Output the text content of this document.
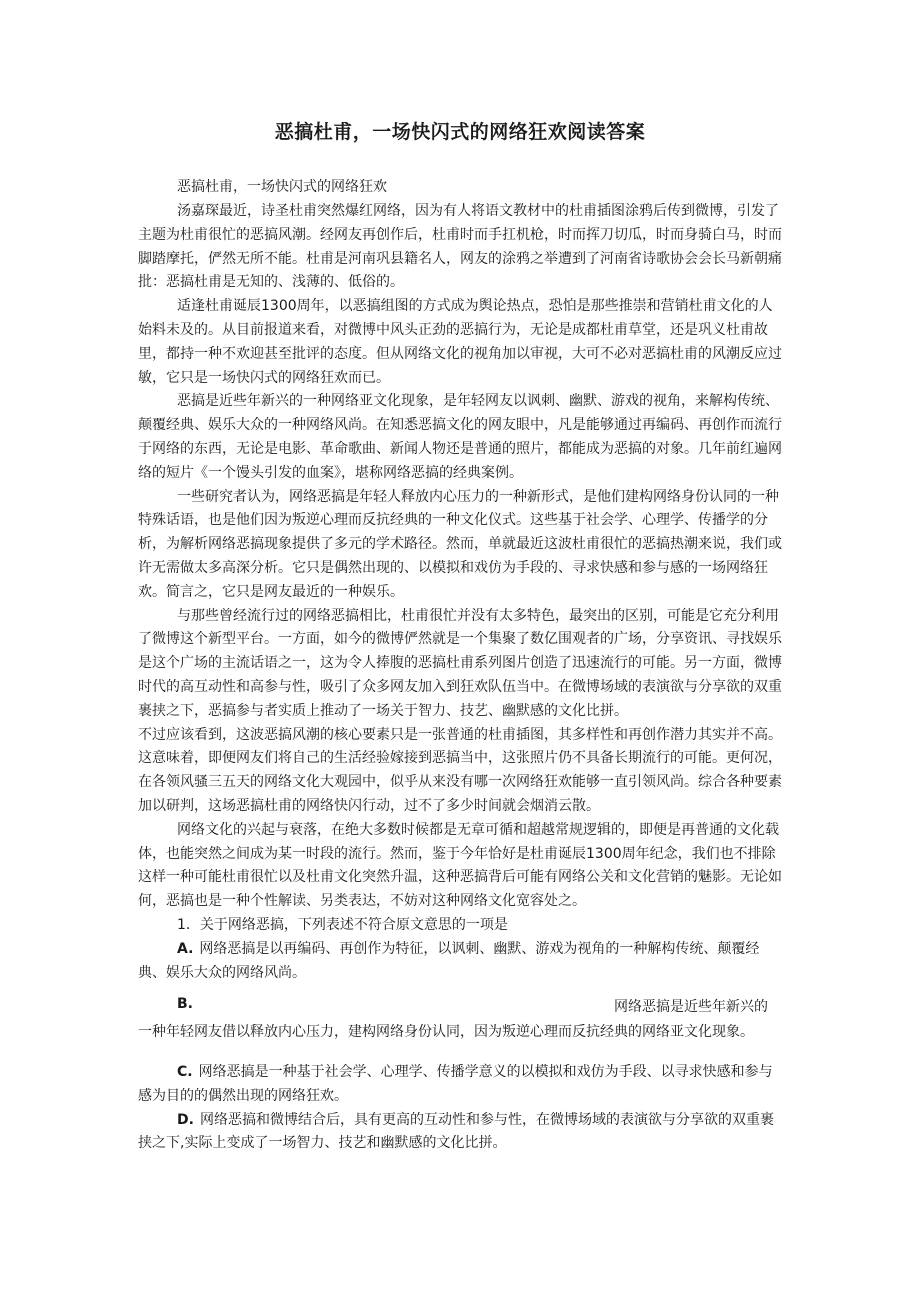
恶搞杜甫，一场快闪式的网络狂欢阅读答案

恶搞杜甫，一场快闪式的网络狂欢

汤嘉琛最近，诗圣杜甫突然爆红网络，因为有人将语文教材中的杜甫插图涂鸦后传到微博，引发了主题为杜甫很忙的恶搞风潮。经网友再创作后，杜甫时而手扛机枪，时而挥刀切瓜，时而身骑白马，时而脚踏摩托，俨然无所不能。杜甫是河南巩县籍名人，网友的涂鸦之举遭到了河南省诗歌协会会长马新朝痛批：恶搞杜甫是无知的、浅薄的、低俗的。

适逢杜甫诞辰1300周年，以恶搞组图的方式成为舆论热点，恐怕是那些推崇和营销杜甫文化的人始料未及的。从目前报道来看，对微博中风头正劲的恶搞行为，无论是成都杜甫草堂，还是巩义杜甫故里，都持一种不欢迎甚至批评的态度。但从网络文化的视角加以审视，大可不必对恶搞杜甫的风潮反应过敏，它只是一场快闪式的网络狂欢而已。

恶搞是近些年新兴的一种网络亚文化现象，是年轻网友以讽刺、幽默、游戏的视角，来解构传统、颠覆经典、娱乐大众的一种网络风尚。在知悉恶搞文化的网友眼中，凡是能够通过再编码、再创作而流行于网络的东西，无论是电影、革命歌曲、新闻人物还是普通的照片，都能成为恶搞的对象。几年前红遍网络的短片《一个馒头引发的血案》，堪称网络恶搞的经典案例。

一些研究者认为，网络恶搞是年轻人释放内心压力的一种新形式，是他们建构网络身份认同的一种特殊话语，也是他们因为叛逆心理而反抗经典的一种文化仪式。这些基于社会学、心理学、传播学的分析，为解析网络恶搞现象提供了多元的学术路径。然而，单就最近这波杜甫很忙的恶搞热潮来说，我们或许无需做太多高深分析。它只是偶然出现的、以模拟和戏仿为手段的、寻求快感和参与感的一场网络狂欢。简言之，它只是网友最近的一种娱乐。

与那些曾经流行过的网络恶搞相比，杜甫很忙并没有太多特色，最突出的区别，可能是它充分利用了微博这个新型平台。一方面，如今的微博俨然就是一个集聚了数亿围观者的广场，分享资讯、寻找娱乐是这个广场的主流话语之一，这为令人捧腹的恶搞杜甫系列图片创造了迅速流行的可能。另一方面，微博时代的高互动性和高参与性，吸引了众多网友加入到狂欢队伍当中。在微博场域的表演欲与分享欲的双重裹挟之下，恶搞参与者实质上推动了一场关于智力、技艺、幽默感的文化比拼。

不过应该看到，这波恶搞风潮的核心要素只是一张普通的杜甫插图，其多样性和再创作潜力其实并不高。这意味着，即便网友们将自己的生活经验嫁接到恶搞当中，这张照片仍不具备长期流行的可能。更何况，在各领风骚三五天的网络文化大观园中，似乎从来没有哪一次网络狂欢能够一直引领风尚。综合各种要素加以研判，这场恶搞杜甫的网络快闪行动，过不了多少时间就会烟消云散。

网络文化的兴起与衰落，在绝大多数时候都是无章可循和超越常规逻辑的，即便是再普通的文化载体，也能突然之间成为某一时段的流行。然而，鉴于今年恰好是杜甫诞辰1300周年纪念，我们也不排除这样一种可能杜甫很忙以及杜甫文化突然升温，这种恶搞背后可能有网络公关和文化营销的魅影。无论如何，恶搞也是一种个性解读、另类表达，不妨对这种网络文化宽容处之。

1．关于网络恶搞，下列表述不符合原文意思的一项是

A. 网络恶搞是以再编码、再创作为特征，以讽刺、幽默、游戏为视角的一种解构传统、颠覆经典、娱乐大众的网络风尚。

B.	网络恶搞是近些年新兴的
一种年轻网友借以释放内心压力，建构网络身份认同，因为叛逆心理而反抗经典的网络亚文化现象。

C. 网络恶搞是一种基于社会学、心理学、传播学意义的以模拟和戏仿为手段、以寻求快感和参与感为目的的偶然出现的网络狂欢。

D. 网络恶搞和微博结合后，具有更高的互动性和参与性，在微博场域的表演欲与分享欲的双重裹挟之下,实际上变成了一场智力、技艺和幽默感的文化比拼。
